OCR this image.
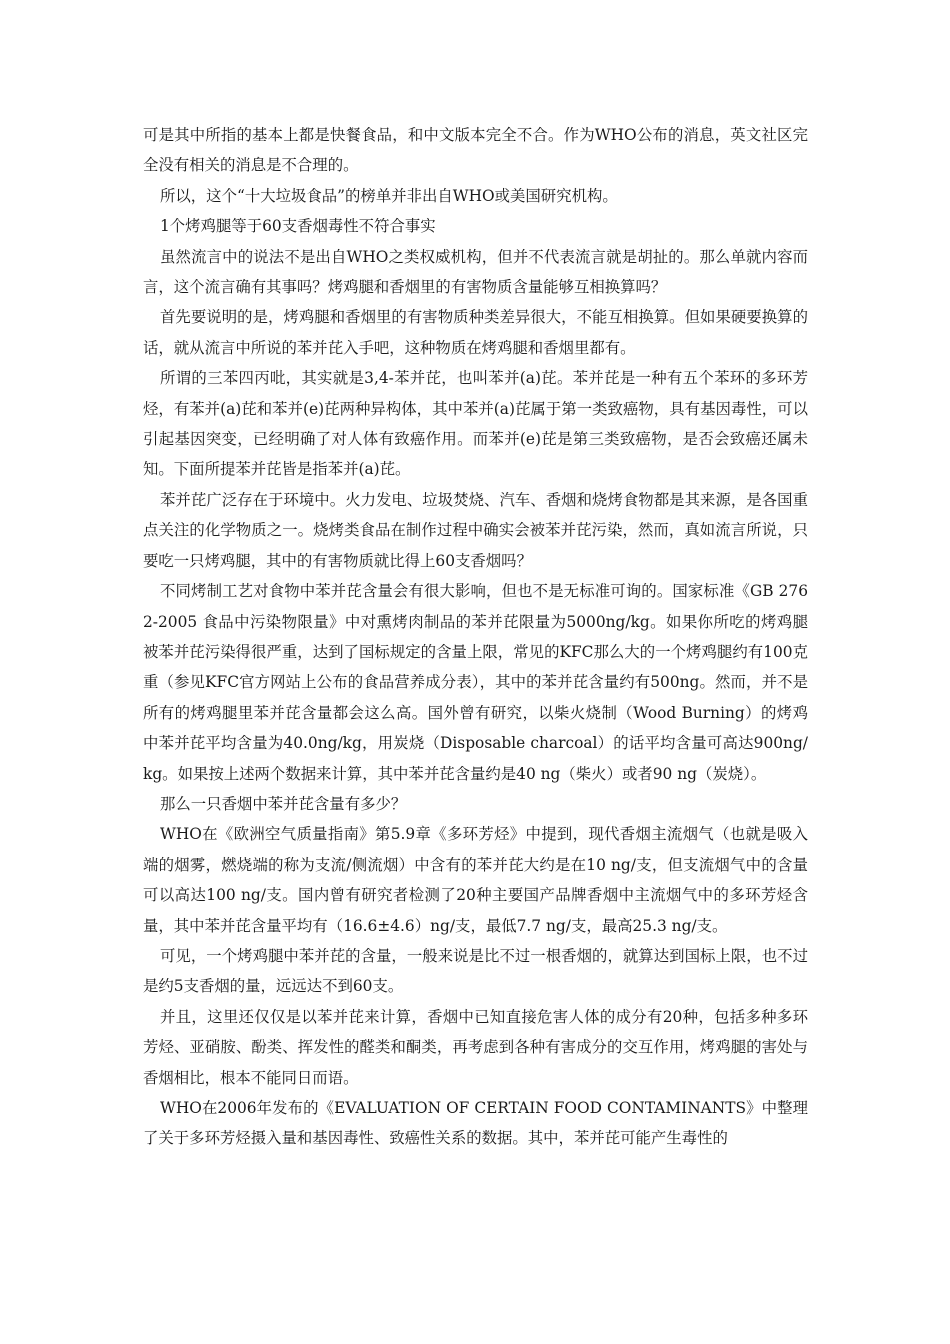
可是其中所指的基本上都是快餐食品，和中文版本完全不合。作为WHO公布的消息，英文社区完全没有相关的消息是不合理的。

所以，这个“十大垃圾食品”的榜单并非出自WHO或美国研究机构。

1个烤鸡腿等于60支香烟毒性不符合事实

虽然流言中的说法不是出自WHO之类权威机构，但并不代表流言就是胡扯的。那么单就内容而言，这个流言确有其事吗？烤鸡腿和香烟里的有害物质含量能够互相换算吗？

首先要说明的是，烤鸡腿和香烟里的有害物质种类差异很大，不能互相换算。但如果硬要换算的话，就从流言中所说的苯并芘入手吧，这种物质在烤鸡腿和香烟里都有。

所谓的三苯四丙吡，其实就是3,4-苯并芘，也叫苯并(a)芘。苯并芘是一种有五个苯环的多环芳烃，有苯并(a)芘和苯并(e)芘两种异构体，其中苯并(a)芘属于第一类致癌物，具有基因毒性，可以引起基因突变，已经明确了对人体有致癌作用。而苯并(e)芘是第三类致癌物，是否会致癌还属未知。下面所提苯并芘皆是指苯并(a)芘。

苯并芘广泛存在于环境中。火力发电、垃圾焚烧、汽车、香烟和烧烤食物都是其来源，是各国重点关注的化学物质之一。烧烤类食品在制作过程中确实会被苯并芘污染，然而，真如流言所说，只要吃一只烤鸡腿，其中的有害物质就比得上60支香烟吗？

不同烤制工艺对食物中苯并芘含量会有很大影响，但也不是无标准可询的。国家标准《GB 2762-2005 食品中污染物限量》中对熏烤肉制品的苯并芘限量为5000ng/kg。如果你所吃的烤鸡腿被苯并芘污染得很严重，达到了国标规定的含量上限，常见的KFC那么大的一个烤鸡腿约有100克重（参见KFC官方网站上公布的食品营养成分表），其中的苯并芘含量约有500ng。然而，并不是所有的烤鸡腿里苯并芘含量都会这么高。国外曾有研究，以柴火烧制（Wood Burning）的烤鸡中苯并芘平均含量为40.0ng/kg，用炭烧（Disposable charcoal）的话平均含量可高达900ng/kg。如果按上述两个数据来计算，其中苯并芘含量约是40 ng（柴火）或者90 ng（炭烧）。

那么一只香烟中苯并芘含量有多少？

WHO在《欧洲空气质量指南》第5.9章《多环芳烃》中提到，现代香烟主流烟气（也就是吸入端的烟雾，燃烧端的称为支流/侧流烟）中含有的苯并芘大约是在10 ng/支，但支流烟气中的含量可以高达100 ng/支。国内曾有研究者检测了20种主要国产品牌香烟中主流烟气中的多环芳烃含量，其中苯并芘含量平均有（16.6±4.6）ng/支，最低7.7 ng/支，最高25.3 ng/支。

可见，一个烤鸡腿中苯并芘的含量，一般来说是比不过一根香烟的，就算达到国标上限，也不过是约5支香烟的量，远远达不到60支。

并且，这里还仅仅是以苯并芘来计算，香烟中已知直接危害人体的成分有20种，包括多种多环芳烃、亚硝胺、酚类、挥发性的醛类和酮类，再考虑到各种有害成分的交互作用，烤鸡腿的害处与香烟相比，根本不能同日而语。

WHO在2006年发布的《EVALUATION OF CERTAIN FOOD CONTAMINANTS》中整理了关于多环芳烃摄入量和基因毒性、致癌性关系的数据。其中，苯并芘可能产生毒性的
